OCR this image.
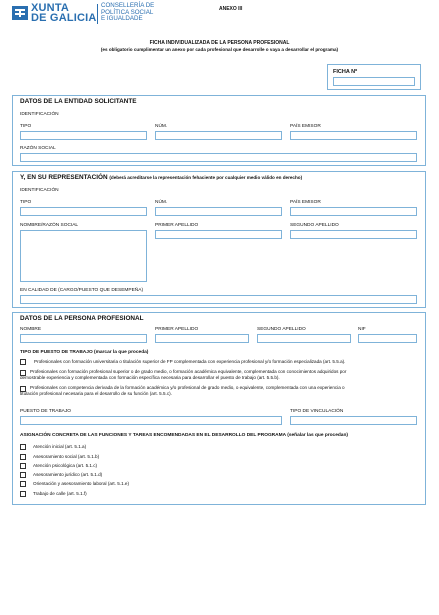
XUNTA
DE GALICIA
CONSELLERÍA DE
POLÍTICA SOCIAL
E IGUALDADE
ANEXO III
FICHA INDIVIDUALIZADA DE LA PERSONA PROFESIONAL
(es obligatorio cumplimentar un anexo por cada profesional que desarrolle o vaya a desarrollar el programa)
FICHA Nº
DATOS DE LA ENTIDAD SOLICITANTE
IDENTIFICACIÓN
TIPO	NÚM.	PAÍS EMISOR
RAZÓN SOCIAL
Y, EN SU REPRESENTACIÓN (deberá acreditarse la representación fehaciente por cualquier medio válido en derecho)
IDENTIFICACIÓN
TIPO	NÚM.	PAÍS EMISOR
NOMBRE/RAZÓN SOCIAL	PRIMER APELLIDO	SEGUNDO APELLIDO
EN CALIDAD DE (CARGO/PUESTO QUE DESEMPEÑA)
DATOS DE LA PERSONA PROFESIONAL
NOMBRE	PRIMER APELLIDO	SEGUNDO APELLIDO	NIF
TIPO DE PUESTO DE TRABAJO (marcar la que proceda)
Profesionales con formación universitaria o titulación superior de FP complementada con experiencia profesional y/o formación especializada (art. 5.5.a).
Profesionales con formación profesional superior o de grado medio, o formación académica equivalente, complementada con conocimientos adquiridos por
demostrable experiencia y complementada con formación específica necesaria para desarrollar el puesto de trabajo (art. 5.5.b).
Profesionales con competencia derivada de la formación académica y/o profesional de grado medio, o equivalente, complementada con una experiencia o
titulación profesional necesaria para el desarrollo de su función (art. 5.5.c).
PUESTO DE TRABAJO	TIPO DE VINCULACIÓN
ASIGNACIÓN CONCRETA DE LAS FUNCIONES Y TAREAS ENCOMENDADAS EN EL DESARROLLO DEL PROGRAMA (señalar las que procedan)
Atención inicial (art. 5.1.a)
Asesoramiento social (art. 5.1.b)
Atención psicológica (art. 5.1.c)
Asesoramiento jurídico (art. 5.1.d)
Orientación y asesoramiento laboral (art. 5.1.e)
Trabajo de calle (art. 5.1.f)
